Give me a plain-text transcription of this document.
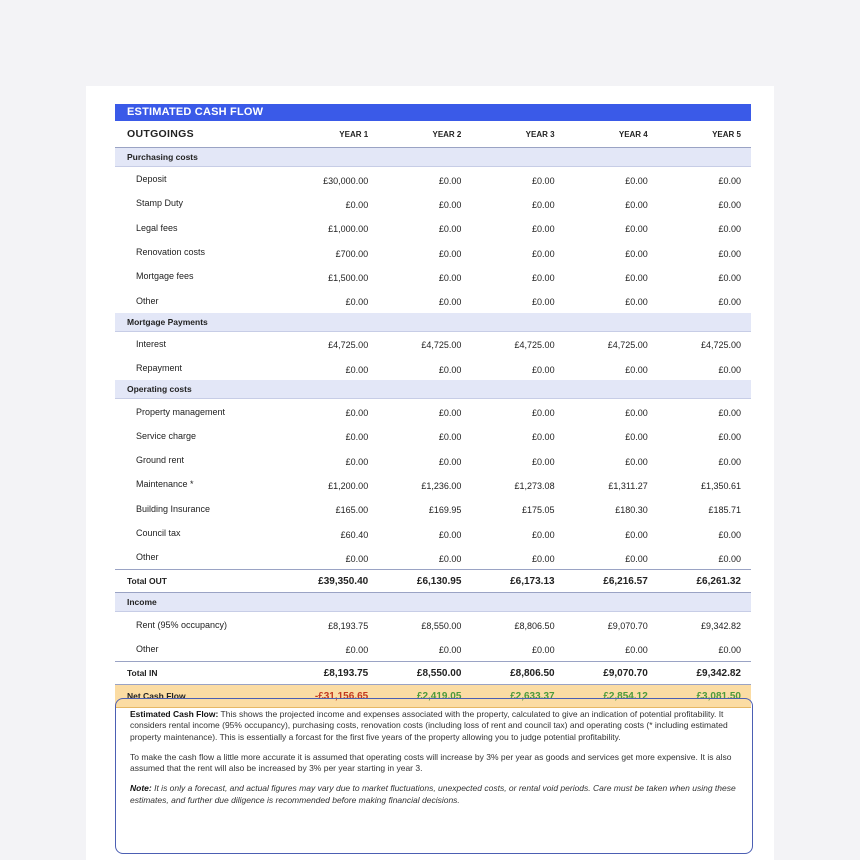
ESTIMATED CASH FLOW
OUTGOINGS	YEAR 1	YEAR 2	YEAR 3	YEAR 4	YEAR 5
Purchasing costs					
Deposit	£30,000.00	£0.00	£0.00	£0.00	£0.00
Stamp Duty	£0.00	£0.00	£0.00	£0.00	£0.00
Legal fees	£1,000.00	£0.00	£0.00	£0.00	£0.00
Renovation costs	£700.00	£0.00	£0.00	£0.00	£0.00
Mortgage fees	£1,500.00	£0.00	£0.00	£0.00	£0.00
Other	£0.00	£0.00	£0.00	£0.00	£0.00
Mortgage Payments					
Interest	£4,725.00	£4,725.00	£4,725.00	£4,725.00	£4,725.00
Repayment	£0.00	£0.00	£0.00	£0.00	£0.00
Operating costs					
Property management	£0.00	£0.00	£0.00	£0.00	£0.00
Service charge	£0.00	£0.00	£0.00	£0.00	£0.00
Ground rent	£0.00	£0.00	£0.00	£0.00	£0.00
Maintenance *	£1,200.00	£1,236.00	£1,273.08	£1,311.27	£1,350.61
Building Insurance	£165.00	£169.95	£175.05	£180.30	£185.71
Council tax	£60.40	£0.00	£0.00	£0.00	£0.00
Other	£0.00	£0.00	£0.00	£0.00	£0.00
Total OUT	£39,350.40	£6,130.95	£6,173.13	£6,216.57	£6,261.32
Income					
Rent (95% occupancy)	£8,193.75	£8,550.00	£8,806.50	£9,070.70	£9,342.82
Other	£0.00	£0.00	£0.00	£0.00	£0.00
Total IN	£8,193.75	£8,550.00	£8,806.50	£9,070.70	£9,342.82
Net Cash Flow	-£31,156.65	£2,419.05	£2,633.37	£2,854.12	£3,081.50

Estimated Cash Flow: This shows the projected income and expenses associated with the property, calculated to give an indication of potential profitability. It considers rental income (95% occupancy), purchasing costs, renovation costs (including loss of rent and council tax) and operating costs (* including estimated property maintenance). This is essentially a forcast for the first five years of the property allowing you to judge potential profitability.

To make the cash flow a little more accurate it is assumed that operating costs will increase by 3% per year as goods and services get more expensive. It is also assumed that the rent will also be increased by 3% per year starting in year 3.

Note: It is only a forecast, and actual figures may vary due to market fluctuations, unexpected costs, or rental void periods. Care must be taken when using these estimates, and further due diligence is recommended before making financial decisions.
